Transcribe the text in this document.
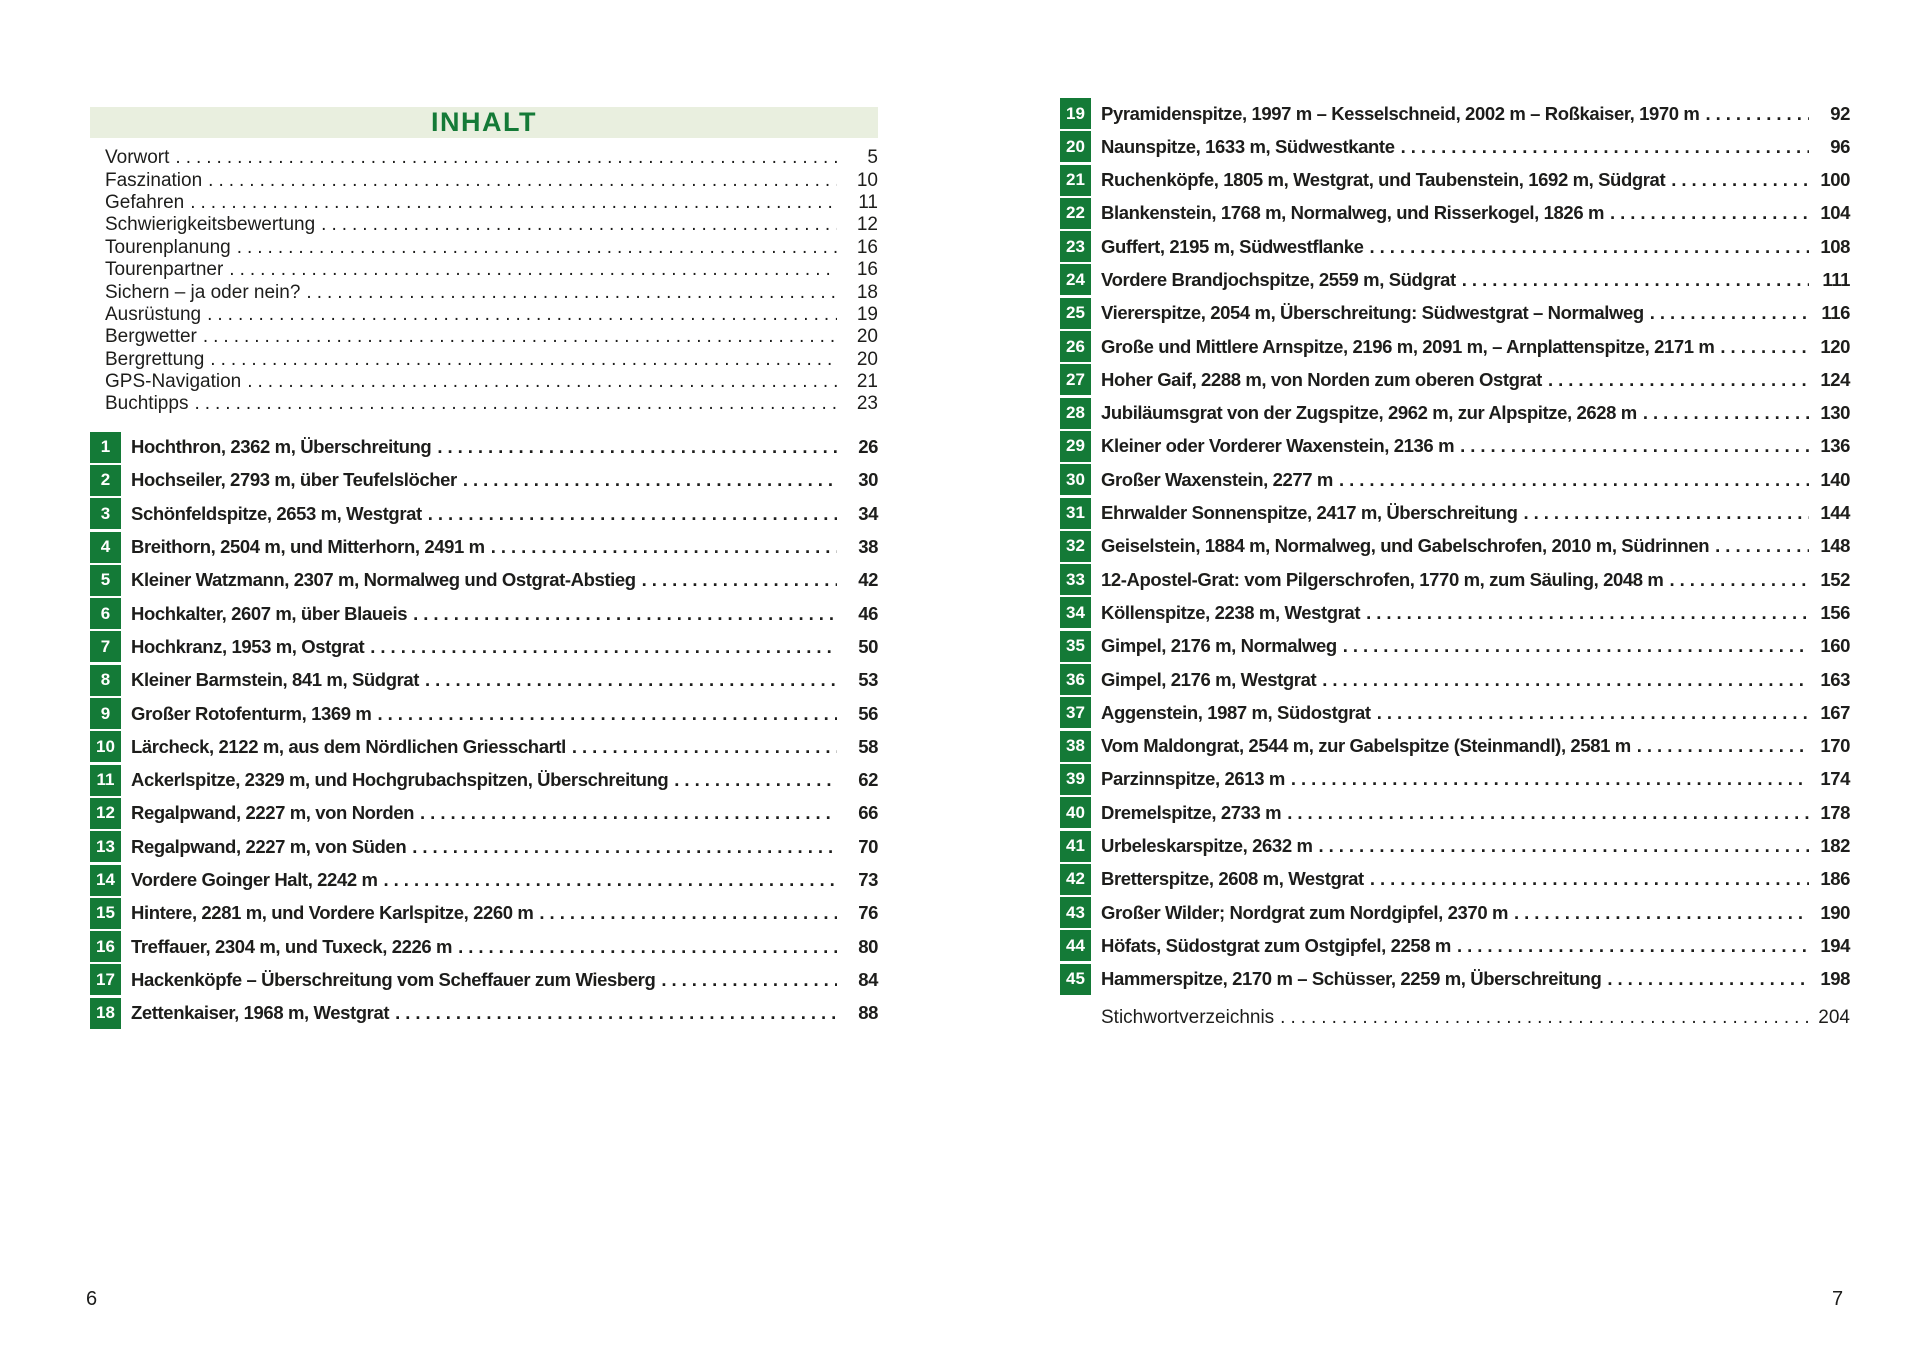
INHALT
Vorwort .....	5
Faszination .....	10
Gefahren .....	11
Schwierigkeitsbewertung .....	12
Tourenplanung .....	16
Tourenpartner .....	16
Sichern – ja oder nein? .....	18
Ausrüstung .....	19
Bergwetter .....	20
Bergrettung .....	20
GPS-Navigation .....	21
Buchtipps .....	23
1	Hochthron, 2362 m, Überschreitung .....	26
2	Hochseiler, 2793 m, über Teufelslöcher .....	30
3	Schönfeldspitze, 2653 m, Westgrat .....	34
4	Breithorn, 2504 m, und Mitterhorn, 2491 m .....	38
5	Kleiner Watzmann, 2307 m, Normalweg und Ostgrat-Abstieg .....	42
6	Hochkalter, 2607 m, über Blaueis .....	46
7	Hochkranz, 1953 m, Ostgrat .....	50
8	Kleiner Barmstein, 841 m, Südgrat .....	53
9	Großer Rotofenturm, 1369 m .....	56
10 Lärcheck, 2122 m, aus dem Nördlichen Griesschartl .....	58
11 Ackerlspitze, 2329 m, und Hochgrubachspitzen, Überschreitung .....	62
12 Regalpwand, 2227 m, von Norden .....	66
13 Regalpwand, 2227 m, von Süden .....	70
14 Vordere Goinger Halt, 2242 m .....	73
15 Hintere, 2281 m, und Vordere Karlspitze, 2260 m .....	76
16 Treffauer, 2304 m, und Tuxeck, 2226 m .....	80
17 Hackenköpfe – Überschreitung vom Scheffauer zum Wiesberg .....	84
18 Zettenkaiser, 1968 m, Westgrat .....	88
19 Pyramidenspitze, 1997 m – Kesselschneid, 2002 m – Roßkaiser, 1970 m .....	92
20 Naunspitze, 1633 m, Südwestkante .....	96
21 Ruchenköpfe, 1805 m, Westgrat, und Taubenstein, 1692 m, Südgrat .....	100
22 Blankenstein, 1768 m, Normalweg, und Risserkogel, 1826 m .....	104
23 Guffert, 2195 m, Südwestflanke .....	108
24 Vordere Brandjochspitze, 2559 m, Südgrat .....	111
25 Viererspitze, 2054 m, Überschreitung: Südwestgrat – Normalweg .....	116
26 Große und Mittlere Arnspitze, 2196 m, 2091 m, – Arnplattenspitze, 2171 m .....	120
27 Hoher Gaif, 2288 m, von Norden zum oberen Ostgrat .....	124
28 Jubiläumsgrat von der Zugspitze, 2962 m, zur Alpspitze, 2628 m .....	130
29 Kleiner oder Vorderer Waxenstein, 2136 m .....	136
30 Großer Waxenstein, 2277 m .....	140
31 Ehrwalder Sonnenspitze, 2417 m, Überschreitung .....	144
32 Geiselstein, 1884 m, Normalweg, und Gabelschrofen, 2010 m, Südrinnen .....	148
33 12-Apostel-Grat: vom Pilgerschrofen, 1770 m, zum Säuling, 2048 m .....	152
34 Köllenspitze, 2238 m, Westgrat .....	156
35 Gimpel, 2176 m, Normalweg .....	160
36 Gimpel, 2176 m, Westgrat .....	163
37 Aggenstein, 1987 m, Südostgrat .....	167
38 Vom Maldongrat, 2544 m, zur Gabelspitze (Steinmandl), 2581 m .....	170
39 Parzinnspitze, 2613 m .....	174
40 Dremelspitze, 2733 m .....	178
41 Urbeleskarspitze, 2632 m .....	182
42 Bretterspitze, 2608 m, Westgrat .....	186
43 Großer Wilder; Nordgrat zum Nordgipfel, 2370 m .....	190
44 Höfats, Südostgrat zum Ostgipfel, 2258 m .....	194
45 Hammerspitze, 2170 m – Schüsser, 2259 m, Überschreitung .....	198
Stichwortverzeichnis .....	204
6	7
